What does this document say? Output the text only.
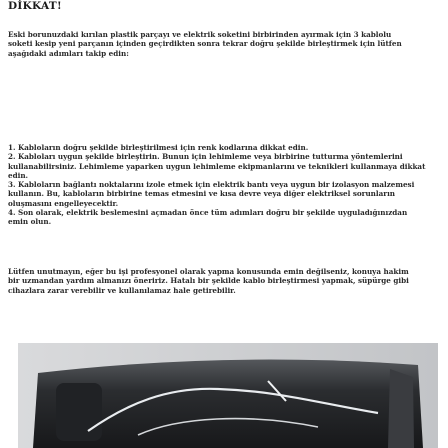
DİKKAT!

Eski borunuzdaki kırılan plastik parçayı ve elektrik soketini birbirinden ayırmak için 3 kablolu soketi kesip yeni parçanın içinden geçirdikten sonra tekrar doğru şekilde birleştirmek için lütfen aşağıdaki adımları takip edin:

1. Kabloların doğru şekilde birleştirilmesi için renk kodlarına dikkat edin.
2. Kabloları uygun şekilde birleştirin. Bunun için lehimleme veya birbirine tutturma yöntemlerini kullanabilirsiniz. Lehimleme yaparken uygun lehimleme ekipmanlarını ve teknikleri kullanmaya dikkat edin.
3. Kabloların bağlantı noktalarını izole etmek için elektrik bantı veya uygun bir izolasyon malzemesi kullanın. Bu, kabloların birbirine temas etmesini ve kısa devre veya diğer elektriksel sorunların oluşmasını engelleyecektir.
4. Son olarak, elektrik beslemesini açmadan önce tüm adımları doğru bir şekilde uyguladığınızdan emin olun.

Lütfen unutmayın, eğer bu işi profesyonel olarak yapma konusunda emin değilseniz, konuya hakim bir uzmandan yardım almanızı öneririz. Hatalı bir şekilde kablo birleştirmesi yapmak, süpürge gibi cihazlara zarar verebilir ve kullanılamaz hale getirebilir.
